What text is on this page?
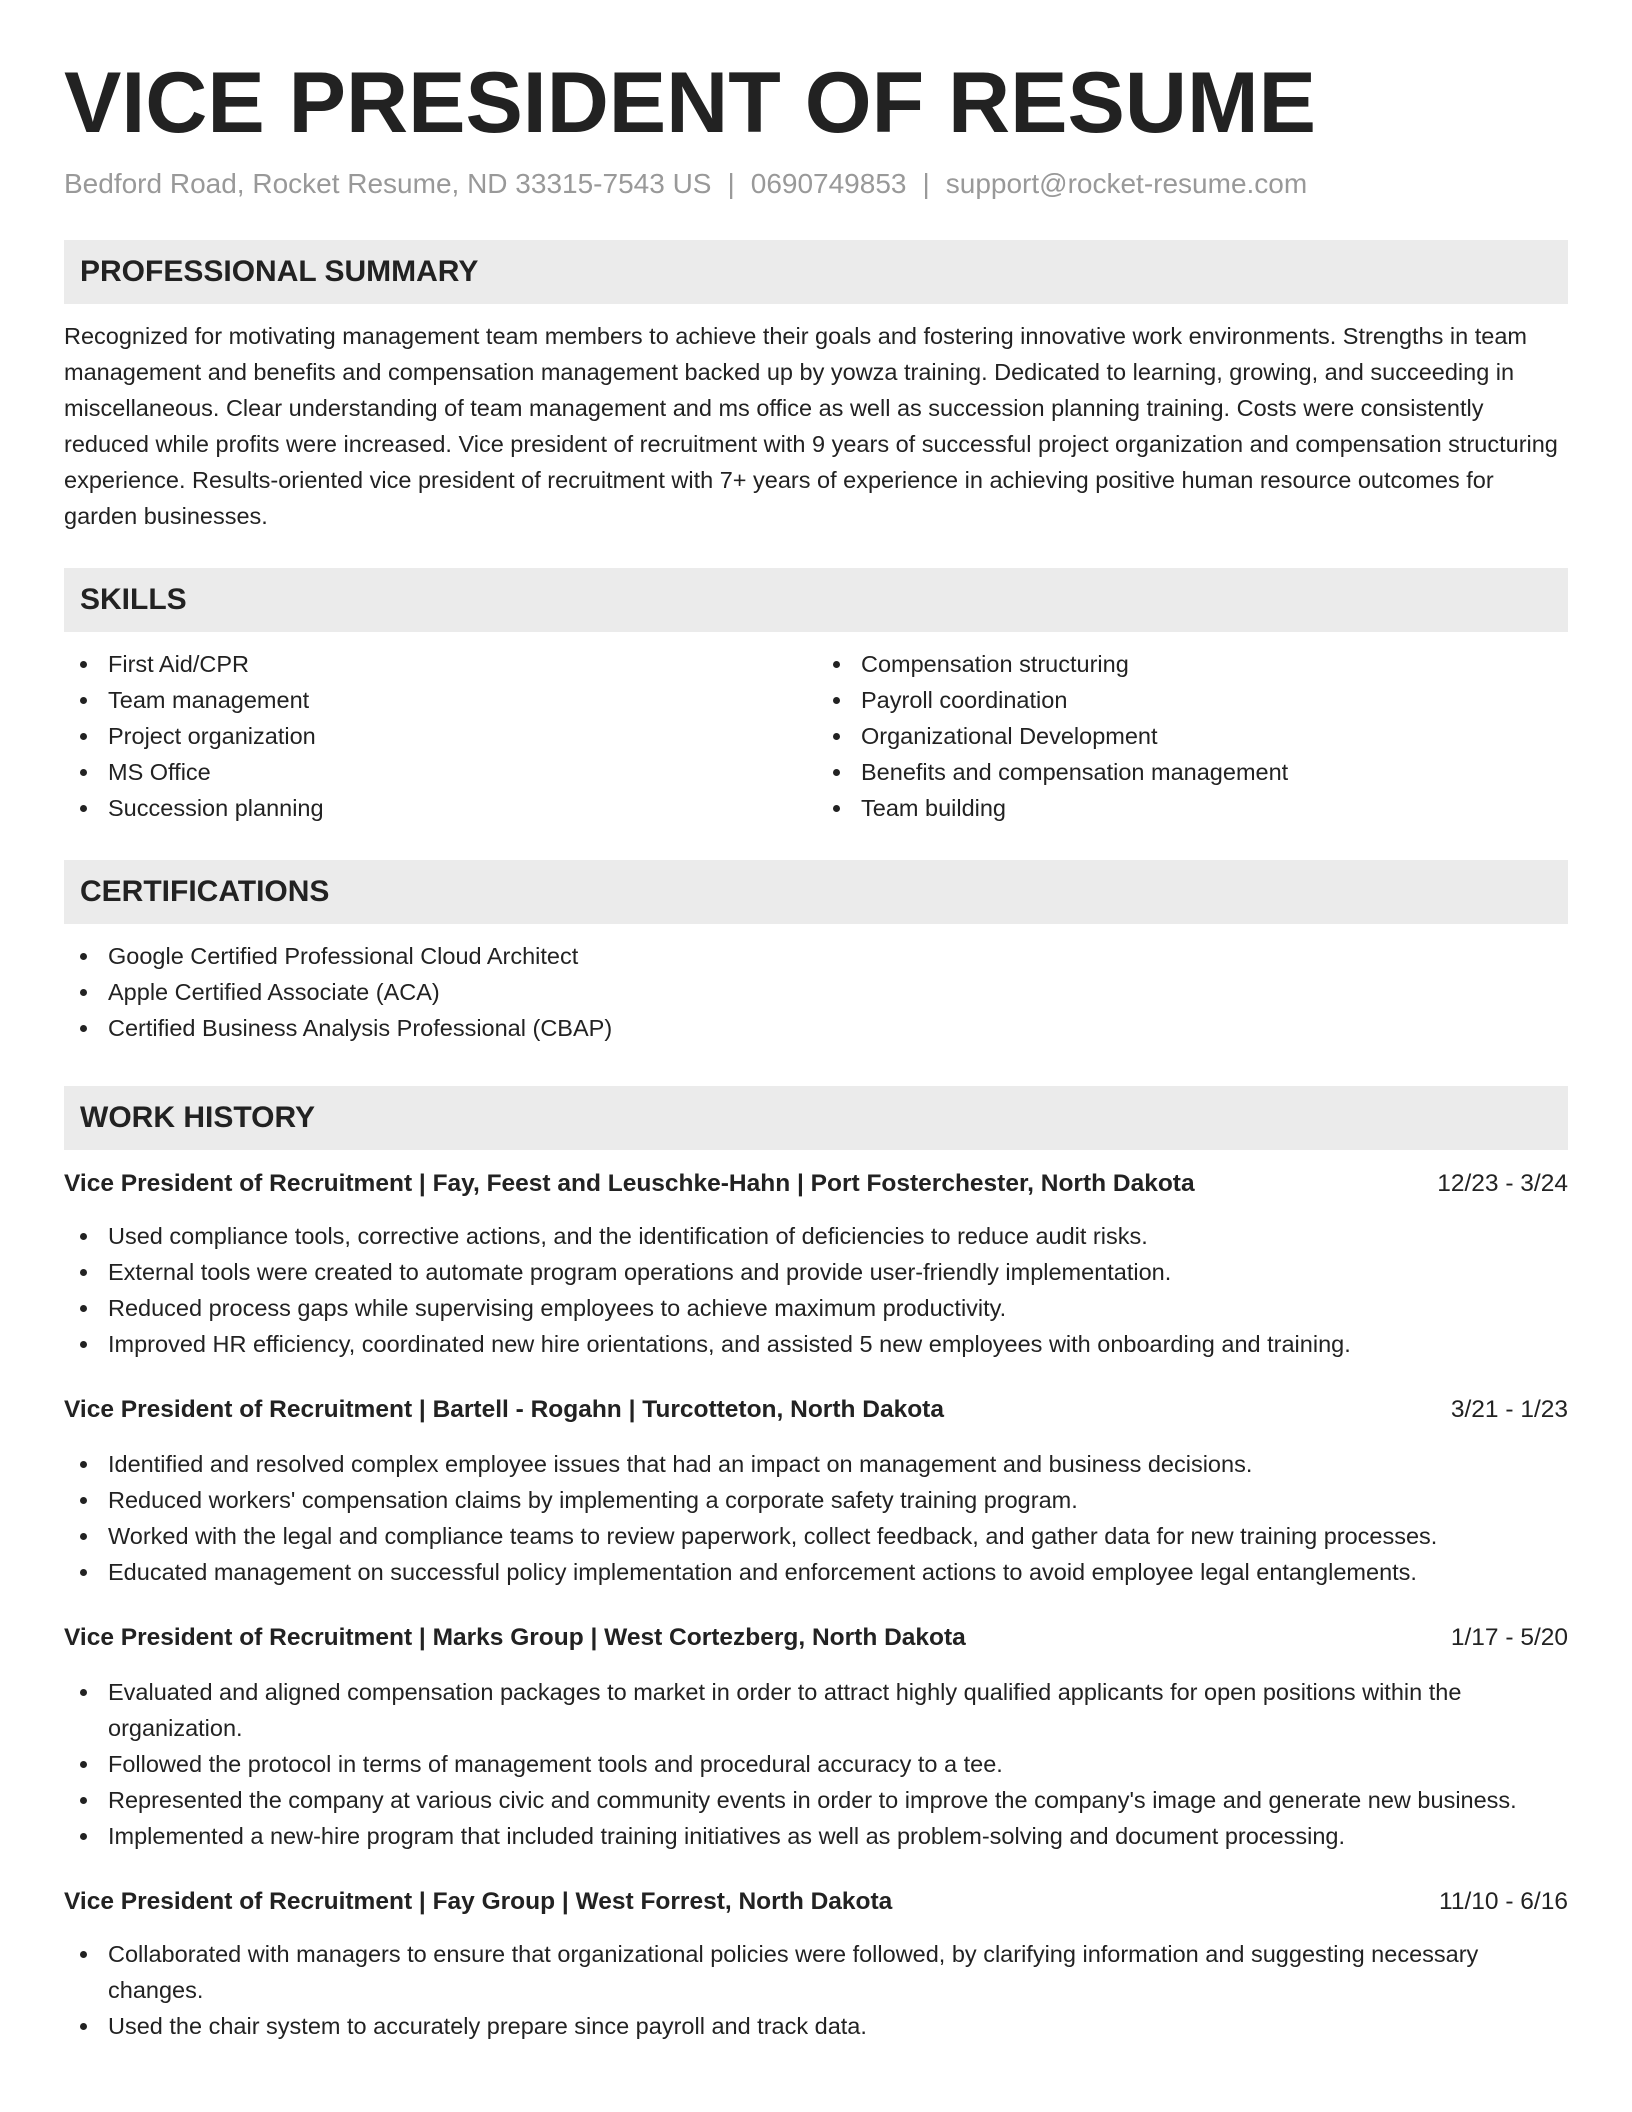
VICE PRESIDENT OF RESUME
Bedford Road, Rocket Resume, ND 33315-7543 US | 0690749853 | support@rocket-resume.com
PROFESSIONAL SUMMARY
Recognized for motivating management team members to achieve their goals and fostering innovative work environments. Strengths in team management and benefits and compensation management backed up by yowza training. Dedicated to learning, growing, and succeeding in miscellaneous. Clear understanding of team management and ms office as well as succession planning training. Costs were consistently reduced while profits were increased. Vice president of recruitment with 9 years of successful project organization and compensation structuring experience. Results-oriented vice president of recruitment with 7+ years of experience in achieving positive human resource outcomes for garden businesses.
SKILLS
First Aid/CPR
Team management
Project organization
MS Office
Succession planning
Compensation structuring
Payroll coordination
Organizational Development
Benefits and compensation management
Team building
CERTIFICATIONS
Google Certified Professional Cloud Architect
Apple Certified Associate (ACA)
Certified Business Analysis Professional (CBAP)
WORK HISTORY
Vice President of Recruitment | Fay, Feest and Leuschke-Hahn | Port Fosterchester, North Dakota	12/23 - 3/24
Used compliance tools, corrective actions, and the identification of deficiencies to reduce audit risks.
External tools were created to automate program operations and provide user-friendly implementation.
Reduced process gaps while supervising employees to achieve maximum productivity.
Improved HR efficiency, coordinated new hire orientations, and assisted 5 new employees with onboarding and training.
Vice President of Recruitment | Bartell - Rogahn | Turcotteton, North Dakota	3/21 - 1/23
Identified and resolved complex employee issues that had an impact on management and business decisions.
Reduced workers' compensation claims by implementing a corporate safety training program.
Worked with the legal and compliance teams to review paperwork, collect feedback, and gather data for new training processes.
Educated management on successful policy implementation and enforcement actions to avoid employee legal entanglements.
Vice President of Recruitment | Marks Group | West Cortezberg, North Dakota	1/17 - 5/20
Evaluated and aligned compensation packages to market in order to attract highly qualified applicants for open positions within the organization.
Followed the protocol in terms of management tools and procedural accuracy to a tee.
Represented the company at various civic and community events in order to improve the company's image and generate new business.
Implemented a new-hire program that included training initiatives as well as problem-solving and document processing.
Vice President of Recruitment | Fay Group | West Forrest, North Dakota	11/10 - 6/16
Collaborated with managers to ensure that organizational policies were followed, by clarifying information and suggesting necessary changes.
Used the chair system to accurately prepare since payroll and track data.
